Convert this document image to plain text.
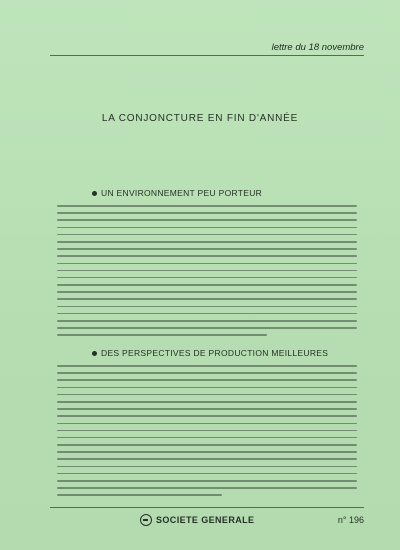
lettre du 18 novembre
LA CONJONCTURE EN FIN D'ANNÉE
UN ENVIRONNEMENT PEU PORTEUR
DES PERSPECTIVES DE PRODUCTION MEILLEURES
SOCIETE GENERALE	n° 196
